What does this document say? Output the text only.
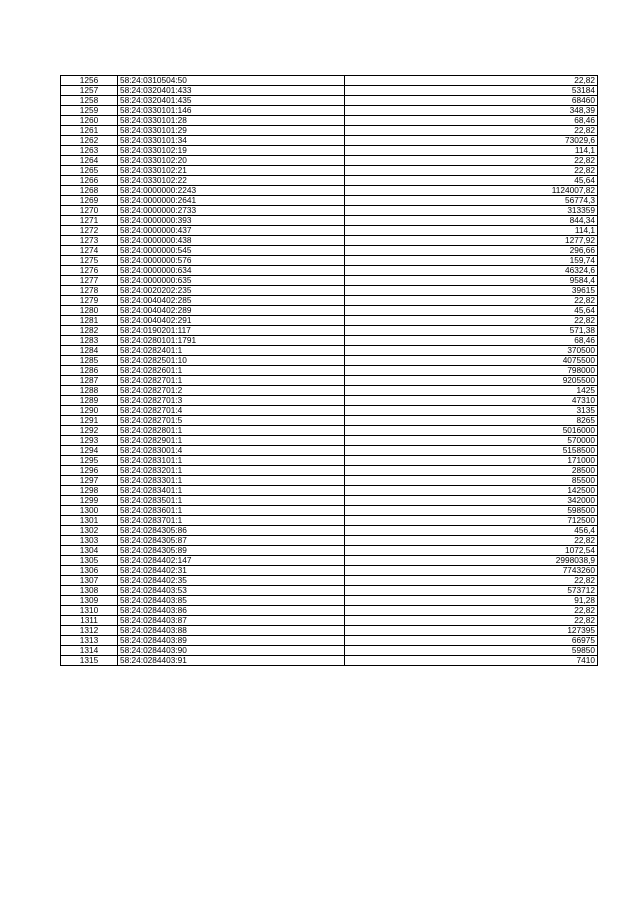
1256	58:24:0310504:50	22,82
1257	58:24:0320401:433	53184
1258	58:24:0320401:435	68460
1259	58:24:0330101:146	348,39
1260	58:24:0330101:28	68,46
1261	58:24:0330101:29	22,82
1262	58:24:0330101:34	73029,6
1263	58:24:0330102:19	114,1
1264	58:24:0330102:20	22,82
1265	58:24:0330102:21	22,82
1266	58:24:0330102:22	45,64
1268	58:24:0000000:2243	1124007,82
1269	58:24:0000000:2641	56774,3
1270	58:24:0000000:2733	313359
1271	58:24:0000000:393	844,34
1272	58:24:0000000:437	114,1
1273	58:24:0000000:438	1277,92
1274	58:24:0000000:545	296,66
1275	58:24:0000000:576	159,74
1276	58:24:0000000:634	46324,6
1277	58:24:0000000:635	9584,4
1278	58:24:0020202:235	39615
1279	58:24:0040402:285	22,82
1280	58:24:0040402:289	45,64
1281	58:24:0040402:291	22,82
1282	58:24:0190201:117	571,38
1283	58:24:0280101:1791	68,46
1284	58:24:0282401:1	370500
1285	58:24:0282501:10	4075500
1286	58:24:0282601:1	798000
1287	58:24:0282701:1	9205500
1288	58:24:0282701:2	1425
1289	58:24:0282701:3	47310
1290	58:24:0282701:4	3135
1291	58:24:0282701:5	8265
1292	58:24:0282801:1	5016000
1293	58:24:0282901:1	570000
1294	58:24:0283001:4	5158500
1295	58:24:0283101:1	171000
1296	58:24:0283201:1	28500
1297	58:24:0283301:1	85500
1298	58:24:0283401:1	142500
1299	58:24:0283501:1	342000
1300	58:24:0283601:1	598500
1301	58:24:0283701:1	712500
1302	58:24:0284305:86	456,4
1303	58:24:0284305:87	22,82
1304	58:24:0284305:89	1072,54
1305	58:24:0284402:147	2998038,9
1306	58:24:0284402:31	7743260
1307	58:24:0284402:35	22,82
1308	58:24:0284403:53	573712
1309	58:24:0284403:85	91,28
1310	58:24:0284403:86	22,82
1311	58:24:0284403:87	22,82
1312	58:24:0284403:88	127395
1313	58:24:0284403:89	66975
1314	58:24:0284403:90	59850
1315	58:24:0284403:91	7410
